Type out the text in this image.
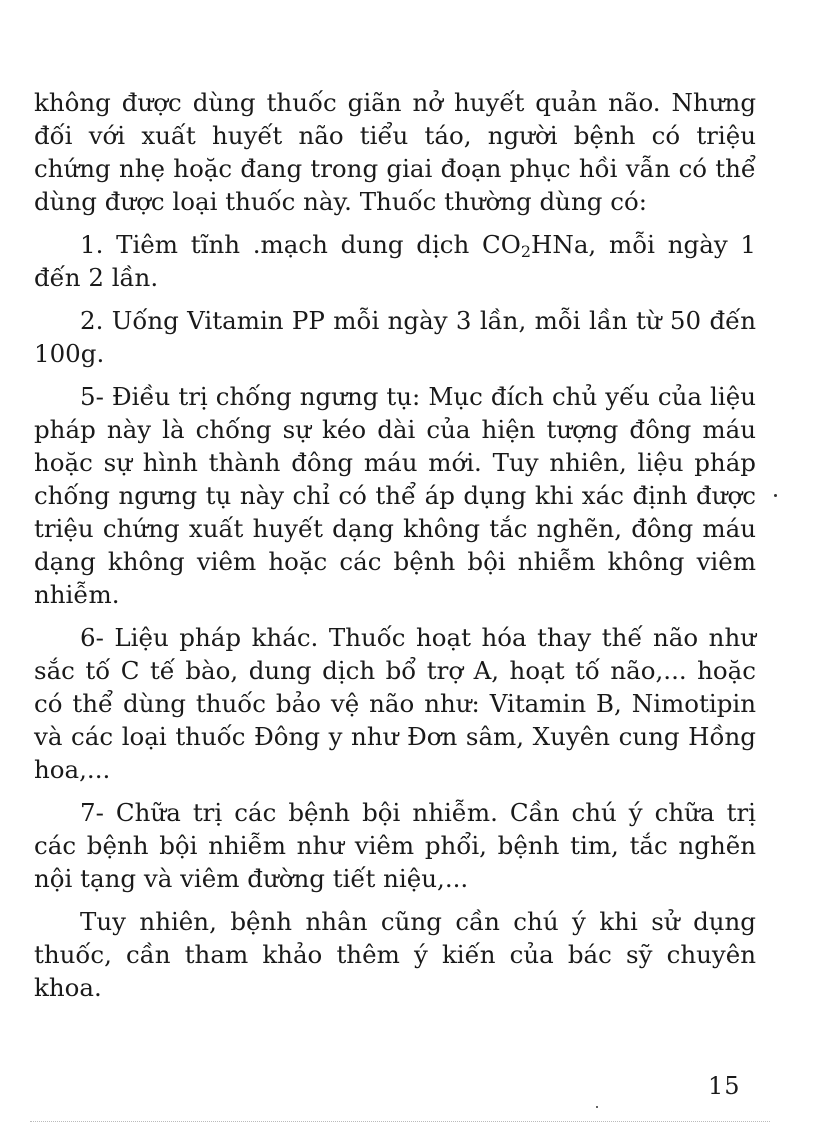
không được dùng thuốc giãn nở huyết quản não. Nhưng đối với xuất huyết não tiểu táo, người bệnh có triệu chứng nhẹ hoặc đang trong giai đoạn phục hồi vẫn có thể dùng được loại thuốc này. Thuốc thường dùng có:

1. Tiêm tĩnh .mạch dung dịch $CO_2HNa$, mỗi ngày 1 đến 2 lần.

2. Uống Vitamin PP mỗi ngày 3 lần, mỗi lần từ 50 đến 100g.

5- Điều trị chống ngưng tụ: Mục đích chủ yếu của liệu pháp này là chống sự kéo dài của hiện tượng đông máu hoặc sự hình thành đông máu mới. Tuy nhiên, liệu pháp chống ngưng tụ này chỉ có thể áp dụng khi xác định được triệu chứng xuất huyết dạng không tắc nghẽn, đông máu dạng không viêm hoặc các bệnh bội nhiễm không viêm nhiễm.

6- Liệu pháp khác. Thuốc hoạt hóa thay thế não như sắc tố C tế bào, dung dịch bổ trợ A, hoạt tố não,... hoặc có thể dùng thuốc bảo vệ não như: Vitamin B, Nimotipin và các loại thuốc Đông y như Đơn sâm, Xuyên cung Hồng hoa,...

7- Chữa trị các bệnh bội nhiễm. Cần chú ý chữa trị các bệnh bội nhiễm như viêm phổi, bệnh tim, tắc nghẽn nội tạng và viêm đường tiết niệu,...

Tuy nhiên, bệnh nhân cũng cần chú ý khi sử dụng thuốc, cần tham khảo thêm ý kiến của bác sỹ chuyên khoa.

15
